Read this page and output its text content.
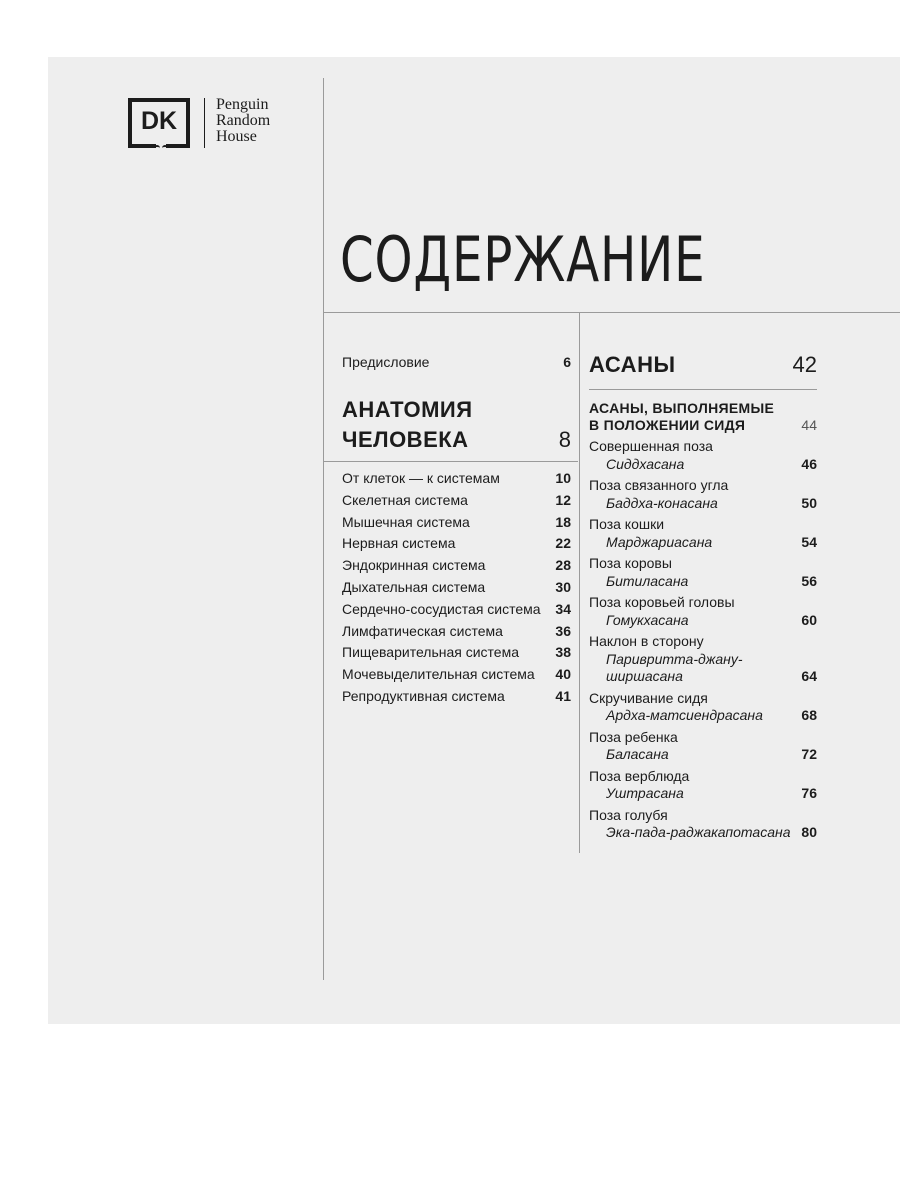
DK
Penguin
Random
House
СОДЕРЖАНИЕ
Предисловие	6
АНАТОМИЯ
ЧЕЛОВЕКА	8
От клеток — к системам	10
Скелетная система	12
Мышечная система	18
Нервная система	22
Эндокринная система	28
Дыхательная система	30
Сердечно-сосудистая система	34
Лимфатическая система	36
Пищеварительная система	38
Мочевыделительная система	40
Репродуктивная система	41
АСАНЫ	42
АСАНЫ, ВЫПОЛНЯЕМЫЕ
В ПОЛОЖЕНИИ СИДЯ	44
Совершенная поза
Сиддхасана	46
Поза связанного угла
Баддха-конасана	50
Поза кошки
Марджариасана	54
Поза коровы
Битиласана	56
Поза коровьей головы
Гомукхасана	60
Наклон в сторону
Паривритта-джану-
ширшасана	64
Скручивание сидя
Ардха-матсиендрасана	68
Поза ребенка
Баласана	72
Поза верблюда
Уштрасана	76
Поза голубя
Эка-пада-раджакапотасана 80
